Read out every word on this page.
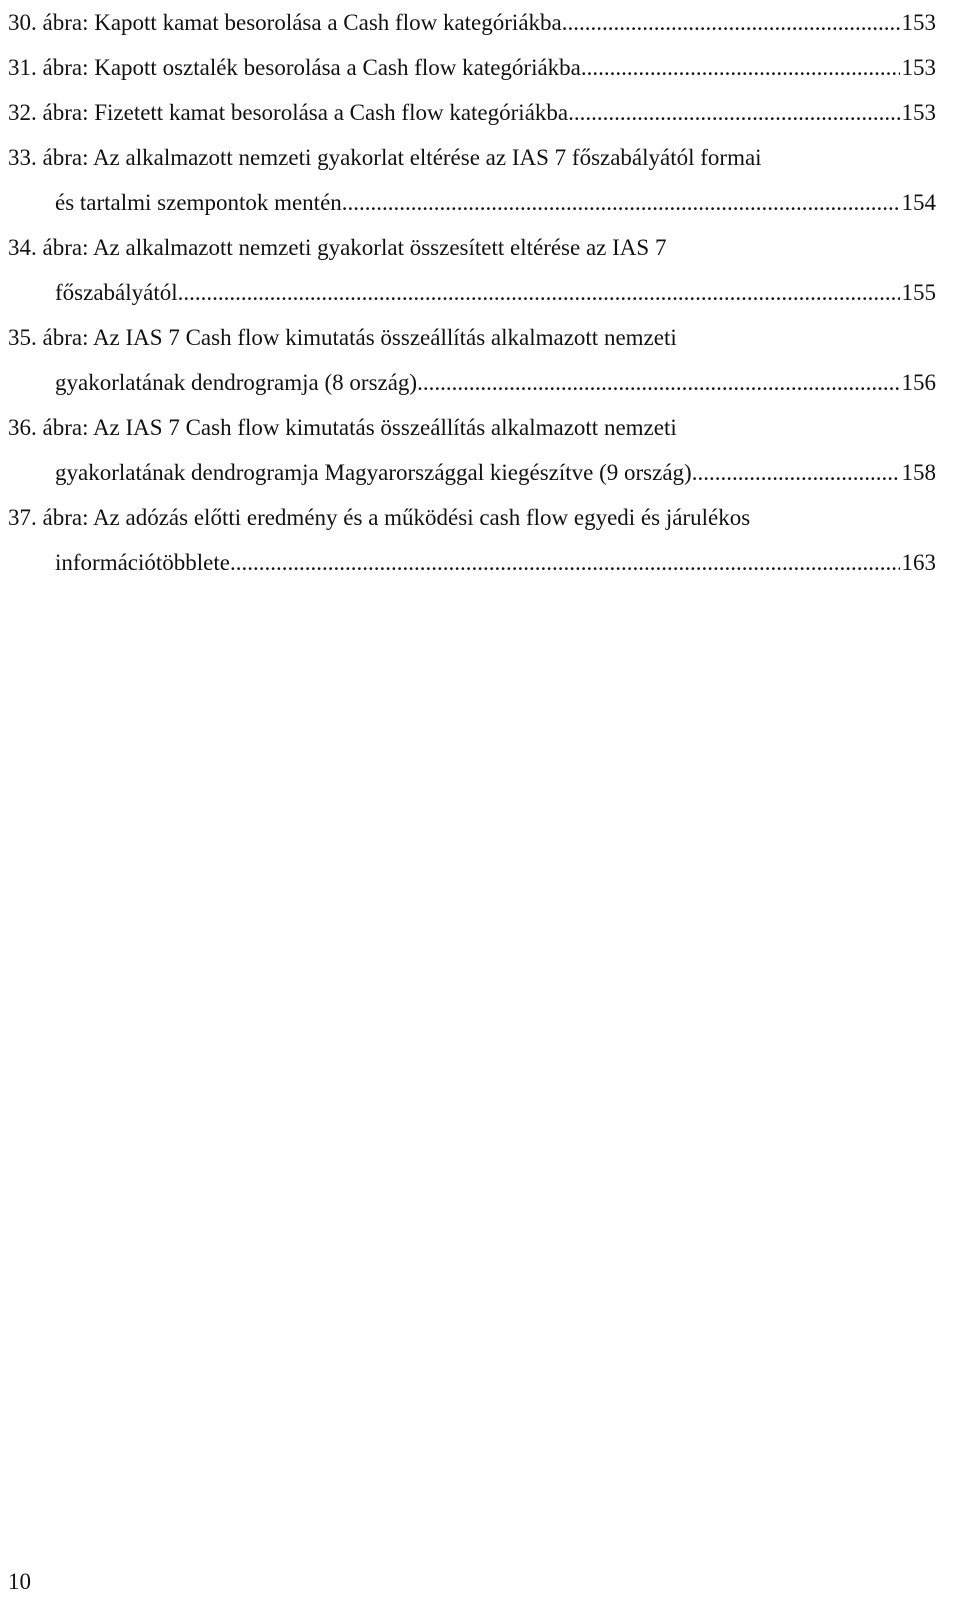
30. ábra: Kapott kamat besorolása a Cash flow kategóriákba .....	153
31. ábra: Kapott osztalék besorolása a Cash flow kategóriákba .....	153
32. ábra: Fizetett kamat besorolása a Cash flow kategóriákba .....	153
33. ábra: Az alkalmazott nemzeti gyakorlat eltérése az IAS 7 főszabályától formai
és tartalmi szempontok mentén .....	154
34. ábra: Az alkalmazott nemzeti gyakorlat összesített eltérése az IAS 7
főszabályától .....	155
35. ábra: Az IAS 7 Cash flow kimutatás összeállítás alkalmazott nemzeti
gyakorlatának dendrogramja (8 ország) .....	156
36. ábra: Az IAS 7 Cash flow kimutatás összeállítás alkalmazott nemzeti
gyakorlatának dendrogramja Magyarországgal kiegészítve (9 ország) .....	158
37. ábra: Az adózás előtti eredmény és a működési cash flow egyedi és járulékos
információtöbblete .....	163
10
